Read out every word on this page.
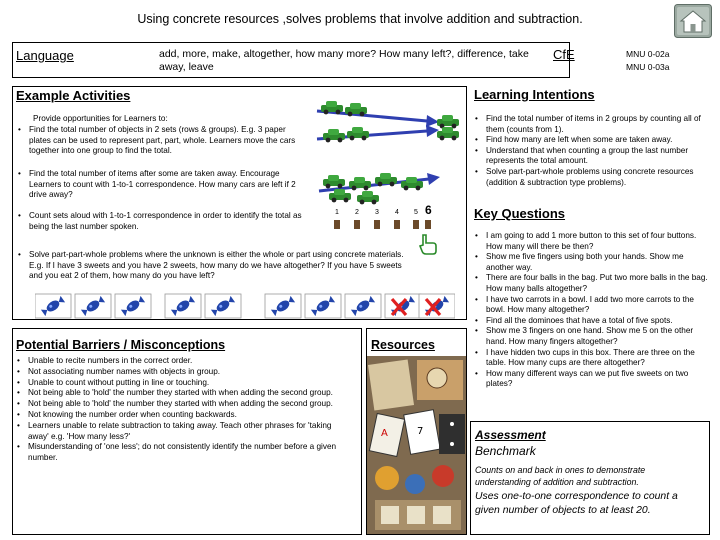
Using concrete resources ,solves problems that involve addition and subtraction.
Language	add, more, make, altogether, how many more? How many left?, difference, take away, leave
CfE	MNU 0-02a
MNU 0-03a
Example Activities
Provide opportunities for Learners to:
• Find the total number of objects in 2 sets (rows & groups). E.g. 3 paper plates can be used to represent part, part, whole. Learners move the cars together into one group to find the total.
• Find the total number of items after some are taken away. Encourage Learners to count with 1-to-1 correspondence. How many cars are left if 2 drive away?
• Count sets aloud with 1-to-1 correspondence in order to identify the total as being the last number spoken.
• Solve part-part-whole problems where the unknown is either the whole or part using concrete materials. E.g. If I have 3 sweets and you have 2 sweets, how many do we have altogether? If you have 5 sweets and you eat 2 of them, how many do you have left?
1 2 3 4 5 6
Learning Intentions
• Find the total number of items in 2 groups by counting all of them (counts from 1).
• Find how many are left when some are taken away.
• Understand that when counting a group the last number represents the total amount.
• Solve part-part-whole problems using concrete resources (addition & subtraction type problems).
Key Questions
• I am going to add 1 more button to this set of four buttons. How many will there be then?
• Show me five fingers using both your hands. Show me another way.
• There are four balls in the bag. Put two more balls in the bag. How many balls altogether?
• I have two carrots in a bowl. I add two more carrots to the bowl. How many altogether?
• Find all the dominoes that have a total of five spots.
• Show me 3 fingers on one hand. Show me 5 on the other hand. How many fingers altogether?
• I have hidden two cups in this box. There are three on the table. How many cups are there altogether?
• How many different ways can we put five sweets on two plates?
Potential Barriers / Misconceptions
• Unable to recite numbers in the correct order.
• Not associating number names with objects in group.
• Unable to count without putting in line or touching.
• Not being able to 'hold' the number they started with when adding the second group.
• Not being able to 'hold' the number they started with when adding the second group.
• Not knowing the number order when counting backwards.
• Learners unable to relate subtraction to taking away. Teach other phrases for 'taking away' e.g. 'How many less?'
• Misunderstanding of 'one less'; do not consistently identify the number before a given number.
Resources
A	7	Assessment
Benchmark
Counts on and back in ones to demonstrate understanding of addition and subtraction.
Uses one-to-one correspondence to count a given number of objects to at least 20.
